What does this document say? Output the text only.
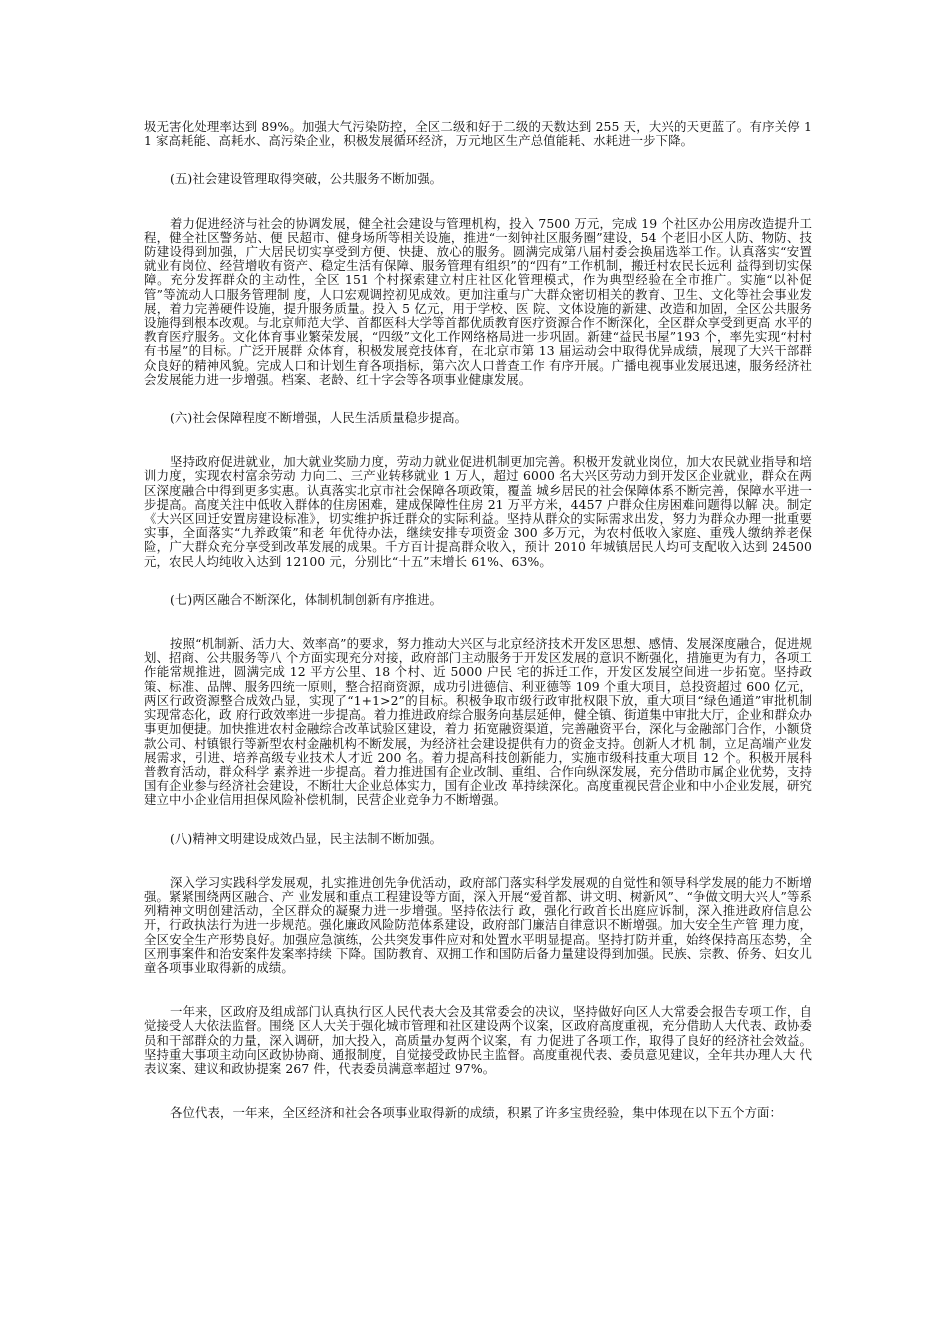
圾无害化处理率达到 89%。加强大气污染防控，全区二级和好于二级的天数达到 255 天，大兴的天更蓝了。有序关停 11 家高耗能、高耗水、高污染企业，积极发展循环经济，万元地区生产总值能耗、水耗进一步下降。

(五)社会建设管理取得突破，公共服务不断加强。

着力促进经济与社会的协调发展，健全社会建设与管理机构，投入 7500 万元，完成 19 个社区办公用房改造提升工程，健全社区警务站、便 民超市、健身场所等相关设施，推进“一刻钟社区服务圈”建设，54 个老旧小区人防、物防、技防建设得到加强，广大居民切实享受到方便、快捷、放心的服务。圆满完成第八届村委会换届选举工作。认真落实“安置就业有岗位、经营增收有资产、稳定生活有保障、服务管理有组织”的“四有”工作机制，搬迁村农民长远利 益得到切实保障。充分发挥群众的主动性，全区 151 个村探索建立村庄社区化管理模式，作为典型经验在全市推广。实施“以补促管”等流动人口服务管理制 度，人口宏观调控初见成效。更加注重与广大群众密切相关的教育、卫生、文化等社会事业发展，着力完善硬件设施，提升服务质量。投入 5 亿元，用于学校、医 院、文体设施的新建、改造和加固，全区公共服务设施得到根本改观。与北京师范大学、首都医科大学等首都优质教育医疗资源合作不断深化，全区群众享受到更高 水平的教育医疗服务。文化体育事业繁荣发展，“四级”文化工作网络格局进一步巩固。新建“益民书屋”193 个，率先实现“村村有书屋”的目标。广泛开展群 众体育，积极发展竞技体育，在北京市第 13 届运动会中取得优异成绩，展现了大兴干部群众良好的精神风貌。完成人口和计划生育各项指标，第六次人口普查工作 有序开展。广播电视事业发展迅速，服务经济社会发展能力进一步增强。档案、老龄、红十字会等各项事业健康发展。

(六)社会保障程度不断增强，人民生活质量稳步提高。

坚持政府促进就业，加大就业奖励力度，劳动力就业促进机制更加完善。积极开发就业岗位，加大农民就业指导和培训力度，实现农村富余劳动 力向二、三产业转移就业 1 万人，超过 6000 名大兴区劳动力到开发区企业就业，群众在两区深度融合中得到更多实惠。认真落实北京市社会保障各项政策，覆盖 城乡居民的社会保障体系不断完善，保障水平进一步提高。高度关注中低收入群体的住房困难，建成保障性住房 21 万平方米，4457 户群众住房困难问题得以解 决。制定《大兴区回迁安置房建设标准》，切实维护拆迁群众的实际利益。坚持从群众的实际需求出发，努力为群众办理一批重要实事，全面落实“九养政策”和老 年优待办法，继续安排专项资金 300 多万元，为农村低收入家庭、重残人缴纳养老保险，广大群众充分享受到改革发展的成果。千方百计提高群众收入，预计 2010 年城镇居民人均可支配收入达到 24500 元，农民人均纯收入达到 12100 元，分别比“十五”末增长 61%、63%。

(七)两区融合不断深化，体制机制创新有序推进。

按照“机制新、活力大、效率高”的要求，努力推动大兴区与北京经济技术开发区思想、感情、发展深度融合，促进规划、招商、公共服务等八 个方面实现充分对接，政府部门主动服务于开发区发展的意识不断强化，措施更为有力，各项工作能常规推进，圆满完成 12 平方公里、18 个村、近 5000 户民 宅的拆迁工作，开发区发展空间进一步拓宽。坚持政策、标准、品牌、服务四统一原则，整合招商资源，成功引进德信、利亚德等 109 个重大项目，总投资超过 600 亿元，两区行政资源整合成效凸显，实现了“1+1>2”的目标。积极争取市级行政审批权限下放，重大项目“绿色通道”审批机制实现常态化，政 府行政效率进一步提高。着力推进政府综合服务向基层延伸，健全镇、街道集中审批大厅，企业和群众办事更加便捷。加快推进农村金融综合改革试验区建设，着力 拓宽融资渠道，完善融资平台，深化与金融部门合作，小额贷款公司、村镇银行等新型农村金融机构不断发展，为经济社会建设提供有力的资金支持。创新人才机 制，立足高端产业发展需求，引进、培养高级专业技术人才近 200 名。着力提高科技创新能力，实施市级科技重大项目 12 个。积极开展科普教育活动，群众科学 素养进一步提高。着力推进国有企业改制、重组、合作向纵深发展，充分借助市属企业优势，支持国有企业参与经济社会建设，不断壮大企业总体实力，国有企业改 革持续深化。高度重视民营企业和中小企业发展，研究建立中小企业信用担保风险补偿机制，民营企业竞争力不断增强。

(八)精神文明建设成效凸显，民主法制不断加强。

深入学习实践科学发展观，扎实推进创先争优活动，政府部门落实科学发展观的自觉性和领导科学发展的能力不断增强。紧紧围绕两区融合、产 业发展和重点工程建设等方面，深入开展“爱首都、讲文明、树新风”、“争做文明大兴人”等系列精神文明创建活动，全区群众的凝聚力进一步增强。坚持依法行 政，强化行政首长出庭应诉制，深入推进政府信息公开，行政执法行为进一步规范。强化廉政风险防范体系建设，政府部门廉洁自律意识不断增强。加大安全生产管 理力度，全区安全生产形势良好。加强应急演练，公共突发事件应对和处置水平明显提高。坚持打防并重，始终保持高压态势，全区刑事案件和治安案件发案率持续 下降。国防教育、双拥工作和国防后备力量建设得到加强。民族、宗教、侨务、妇女儿童各项事业取得新的成绩。

一年来，区政府及组成部门认真执行区人民代表大会及其常委会的决议，坚持做好向区人大常委会报告专项工作，自觉接受人大依法监督。围绕 区人大关于强化城市管理和社区建设两个议案，区政府高度重视，充分借助人大代表、政协委员和干部群众的力量，深入调研，加大投入，高质量办复两个议案，有 力促进了各项工作，取得了良好的经济社会效益。坚持重大事项主动向区政协协商、通报制度，自觉接受政协民主监督。高度重视代表、委员意见建议，全年共办理人大 代表议案、建议和政协提案 267 件，代表委员满意率超过 97%。

各位代表，一年来，全区经济和社会各项事业取得新的成绩，积累了许多宝贵经验，集中体现在以下五个方面：
